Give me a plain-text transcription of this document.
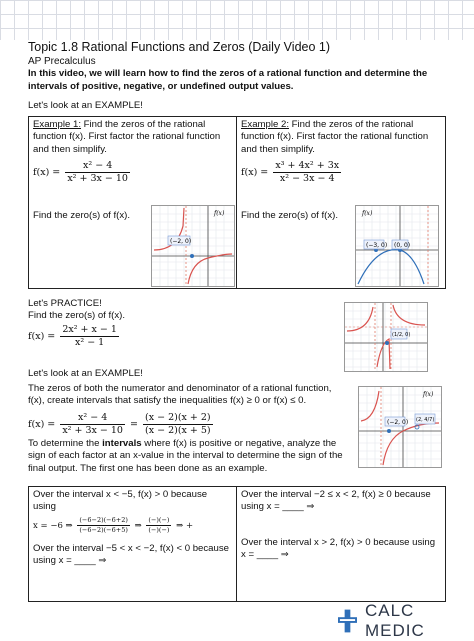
Topic 1.8 Rational Functions and Zeros (Daily Video 1)
AP Precalculus
In this video, we will learn how to find the zeros of a rational function and determine the intervals of positive, negative, or undefined output values.
Let's look at an EXAMPLE!
Example 1: Find the zeros of the rational function f(x). First factor the rational function and then simplify.
$f(x) = \frac{\text{x² − 4}}{\text{x² + 3x − 10}}$
Find the zero(s) of f(x).
Example 2: Find the zeros of the rational function f(x). First factor the rational function and then simplify.
$f(x) = \frac{\text{x³ + 4x² + 3x}}{\text{x² − 3x − 4}}$
Find the zero(s) of f(x).
(−2, 0)
f(x)
(−3, 0) (0, 0)
f(x)
Let's PRACTICE!
Find the zero(s) of f(x).
$f(x) = \frac{\text{2x² + x − 1}}{\text{x² − 1}}$	(1/2, 0)
Let's look at an EXAMPLE!
The zeros of both the numerator and denominator of a rational function, f(x), create intervals that satisfy the inequalities f(x) ≥ 0 or f(x) ≤ 0.
$f(x) = \frac{\text{x² − 4}}{\text{x² + 3x − 10}} = \frac{(x - 2)(x + 2)}{(x - 2)(x + 5)}$
To determine the intervals where f(x) is positive or negative, analyze the sign of each factor at an x-value in the interval to determine the sign of the final output. The first one has been done as an example.
(−2, 0) (2, 4/7)
f(x)
Over the interval x < −5, f(x) > 0 because using
x = −6 ⇒ $\frac{(-6-2)(-6+2)}{(-6-2)(-6+5)}$ ⇒ $\frac{(-)(-)}{(-)(-)}$ ⇒ +
Over the interval −5 < x < −2, f(x) < 0 because using x = ____ ⇒
Over the interval −2 ≤ x < 2, f(x) ≥ 0 because using x = ____ ⇒
Over the interval x > 2, f(x) > 0 because using x = ____ ⇒
CALC MEDIC
